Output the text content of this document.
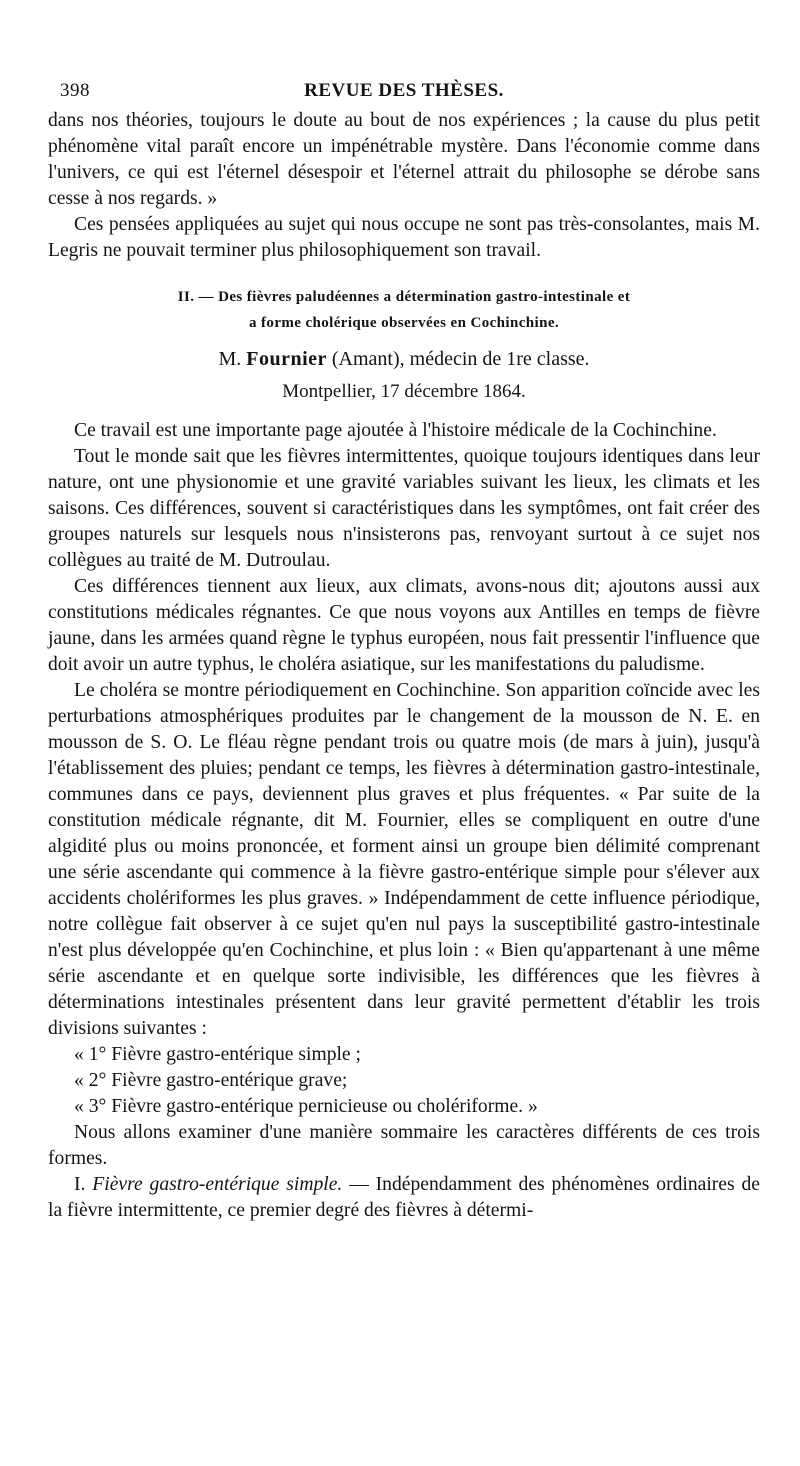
398	REVUE DES THÈSES.

dans nos théories, toujours le doute au bout de nos expériences ; la cause du plus petit phénomène vital paraît encore un impénétrable mystère. Dans l'économie comme dans l'univers, ce qui est l'éternel désespoir et l'éternel attrait du philosophe se dérobe sans cesse à nos regards. »

Ces pensées appliquées au sujet qui nous occupe ne sont pas très-consolantes, mais M. Legris ne pouvait terminer plus philosophiquement son travail.

II. — Des fièvres paludéennes a détermination gastro-intestinale et
a forme cholérique observées en Cochinchine.
M. Fournier (Amant), médecin de 1re classe.
Montpellier, 17 décembre 1864.

Ce travail est une importante page ajoutée à l'histoire médicale de la Cochinchine.

Tout le monde sait que les fièvres intermittentes, quoique toujours identiques dans leur nature, ont une physionomie et une gravité variables suivant les lieux, les climats et les saisons. Ces différences, souvent si caractéristiques dans les symptômes, ont fait créer des groupes naturels sur lesquels nous n'insisterons pas, renvoyant surtout à ce sujet nos collègues au traité de M. Dutroulau.

Ces différences tiennent aux lieux, aux climats, avons-nous dit; ajoutons aussi aux constitutions médicales régnantes. Ce que nous voyons aux Antilles en temps de fièvre jaune, dans les armées quand règne le typhus européen, nous fait pressentir l'influence que doit avoir un autre typhus, le choléra asiatique, sur les manifestations du paludisme.

Le choléra se montre périodiquement en Cochinchine. Son apparition coïncide avec les perturbations atmosphériques produites par le changement de la mousson de N. E. en mousson de S. O. Le fléau règne pendant trois ou quatre mois (de mars à juin), jusqu'à l'établissement des pluies; pendant ce temps, les fièvres à détermination gastro-intestinale, communes dans ce pays, deviennent plus graves et plus fréquentes. « Par suite de la constitution médicale régnante, dit M. Fournier, elles se compliquent en outre d'une algidité plus ou moins prononcée, et forment ainsi un groupe bien délimité comprenant une série ascendante qui commence à la fièvre gastro-entérique simple pour s'élever aux accidents cholériformes les plus graves. » Indépendamment de cette influence périodique, notre collègue fait observer à ce sujet qu'en nul pays la susceptibilité gastro-intestinale n'est plus développée qu'en Cochinchine, et plus loin : « Bien qu'appartenant à une même série ascendante et en quelque sorte indivisible, les différences que les fièvres à déterminations intestinales présentent dans leur gravité permettent d'établir les trois divisions suivantes :

« 1° Fièvre gastro-entérique simple ;

« 2° Fièvre gastro-entérique grave;

« 3° Fièvre gastro-entérique pernicieuse ou cholériforme. »

Nous allons examiner d'une manière sommaire les caractères différents de ces trois formes.

I. Fièvre gastro-entérique simple. — Indépendamment des phénomènes ordinaires de la fièvre intermittente, ce premier degré des fièvres à détermi-
